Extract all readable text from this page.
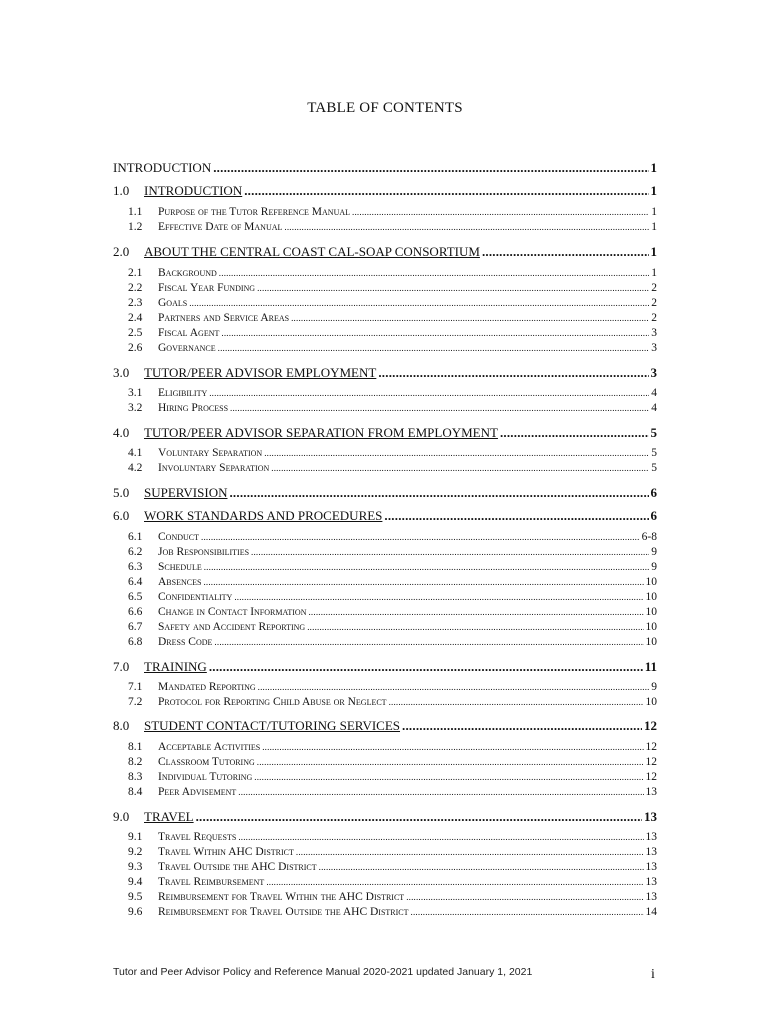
TABLE OF CONTENTS
INTRODUCTION .....	1
1.0	INTRODUCTION .....	1
1.1	Purpose of the Tutor Reference Manual .....	1
1.2	Effective Date of Manual .....	1
2.0	ABOUT THE CENTRAL COAST CAL-SOAP CONSORTIUM .....	1
2.1	Background .....	1
2.2	Fiscal Year Funding .....	2
2.3	Goals .....	2
2.4	Partners and Service Areas .....	2
2.5	Fiscal Agent .....	3
2.6	Governance .....	3
3.0	TUTOR/PEER ADVISOR EMPLOYMENT .....	3
3.1	Eligibility .....	4
3.2	Hiring Process .....	4
4.0	TUTOR/PEER ADVISOR SEPARATION FROM EMPLOYMENT .....	5
4.1	Voluntary Separation .....	5
4.2	Involuntary Separation .....	5
5.0	SUPERVISION .....	6
6.0	WORK STANDARDS AND PROCEDURES .....	6
6.1	Conduct .....	6-8
6.2	Job Responsibilities .....	9
6.3	Schedule .....	9
6.4	Absences .....	10
6.5	Confidentiality .....	10
6.6	Change in Contact Information .....	10
6.7	Safety and Accident Reporting .....	10
6.8	Dress Code .....	10
7.0	TRAINING .....	11
7.1	Mandated Reporting .....	9
7.2	Protocol for Reporting Child Abuse or Neglect .....	10
8.0	STUDENT CONTACT/TUTORING SERVICES .....	12
8.1	Acceptable Activities .....	12
8.2	Classroom Tutoring .....	12
8.3	Individual Tutoring .....	12
8.4	Peer Advisement .....	13
9.0	TRAVEL .....	13
9.1	Travel Requests .....	13
9.2	Travel Within AHC District .....	13
9.3	Travel Outside the AHC District .....	13
9.4	Travel Reimbursement .....	13
9.5	Reimbursement for Travel Within the AHC District .....	13
9.6	Reimbursement for Travel Outside the AHC District .....	14
Tutor and Peer Advisor Policy and Reference Manual 2020-2021 updated January 1, 2021	i
